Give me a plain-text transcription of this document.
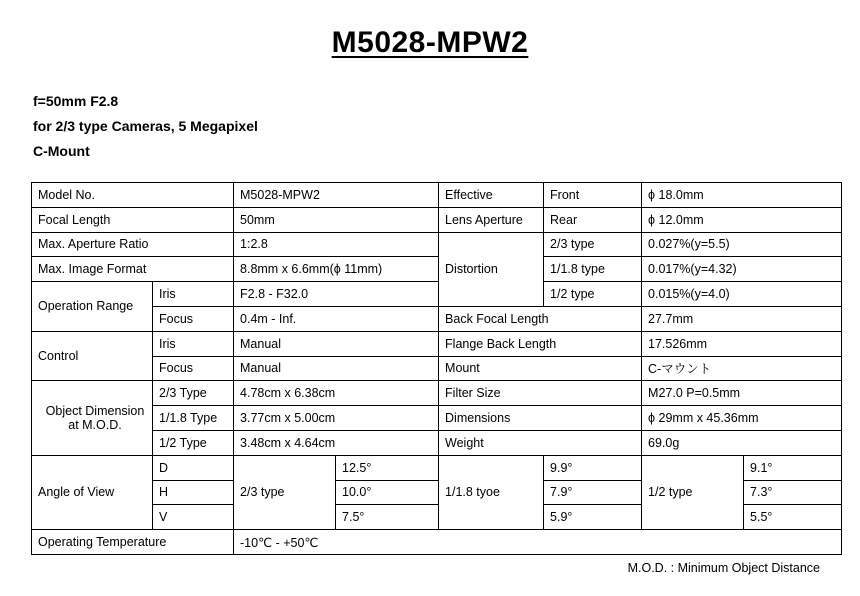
M5028-MPW2
f=50mm F2.8
for 2/3 type Cameras, 5 Megapixel
C-Mount
Model No.		M5028-MPW2		Effective	Front	ϕ 18.0mm	
Focal Length		50mm		Lens Aperture	Rear	ϕ 12.0mm	
Max. Aperture Ratio		1:2.8		Distortion	2/3 type	0.027%(y=5.5)	
Max. Image Format		8.8mm x 6.6mm(ϕ 11mm)			1/1.8 type	0.017%(y=4.32)	
Operation Range	Iris	F2.8 - F32.0			1/2 type	0.015%(y=4.0)	
	Focus	0.4m - Inf.		Back Focal Length		27.7mm	
Control	Iris	Manual		Flange Back Length		17.526mm	
	Focus	Manual		Mount		C-マウント	

Object Dimension
at M.O.D.	2/3 Type	4.78cm x 6.38cm		Filter Size		M27.0 P=0.5mm	
	1/1.8 Type	3.77cm x 5.00cm		Dimensions		ϕ 29mm x 45.36mm	
	1/2 Type	3.48cm x 4.64cm		Weight		69.0g	
Angle of View	D	2/3 type	12.5°	1/1.8 tyoe	9.9°	1/2 type	9.1°
	H		10.0°		7.9°		7.3°
	V		7.5°		5.9°		5.5°
Operating Temperature		-10℃ - +50℃					
M.O.D. : Minimum Object Distance
